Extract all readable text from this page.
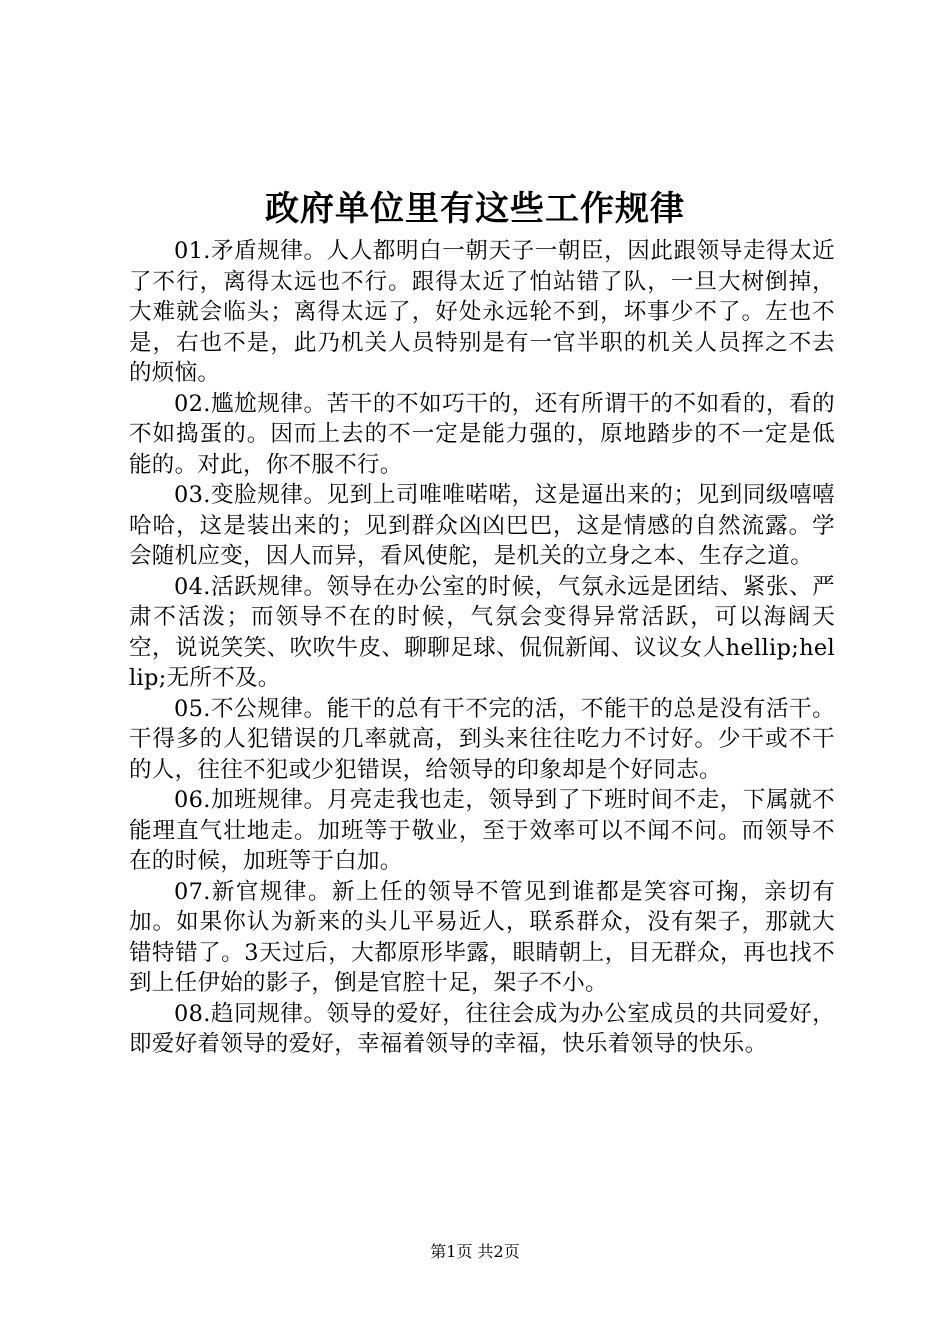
政府单位里有这些工作规律

01.矛盾规律。人人都明白一朝天子一朝臣，因此跟领导走得太近了不行，离得太远也不行。跟得太近了怕站错了队，一旦大树倒掉，大难就会临头；离得太远了，好处永远轮不到，坏事少不了。左也不是，右也不是，此乃机关人员特别是有一官半职的机关人员挥之不去的烦恼。

02.尴尬规律。苦干的不如巧干的，还有所谓干的不如看的，看的不如捣蛋的。因而上去的不一定是能力强的，原地踏步的不一定是低能的。对此，你不服不行。

03.变脸规律。见到上司唯唯喏喏，这是逼出来的；见到同级嘻嘻哈哈，这是装出来的；见到群众凶凶巴巴，这是情感的自然流露。学会随机应变，因人而异，看风使舵，是机关的立身之本、生存之道。

04.活跃规律。领导在办公室的时候，气氛永远是团结、紧张、严肃不活泼；而领导不在的时候，气氛会变得异常活跃，可以海阔天空，说说笑笑、吹吹牛皮、聊聊足球、侃侃新闻、议议女人hellip;hellip;无所不及。

05.不公规律。能干的总有干不完的活，不能干的总是没有活干。干得多的人犯错误的几率就高，到头来往往吃力不讨好。少干或不干的人，往往不犯或少犯错误，给领导的印象却是个好同志。

06.加班规律。月亮走我也走，领导到了下班时间不走，下属就不能理直气壮地走。加班等于敬业，至于效率可以不闻不问。而领导不在的时候，加班等于白加。

07.新官规律。新上任的领导不管见到谁都是笑容可掬，亲切有加。如果你认为新来的头儿平易近人，联系群众，没有架子，那就大错特错了。3天过后，大都原形毕露，眼睛朝上，目无群众，再也找不到上任伊始的影子，倒是官腔十足，架子不小。

08.趋同规律。领导的爱好，往往会成为办公室成员的共同爱好，即爱好着领导的爱好，幸福着领导的幸福，快乐着领导的快乐。

第1页 共2页
